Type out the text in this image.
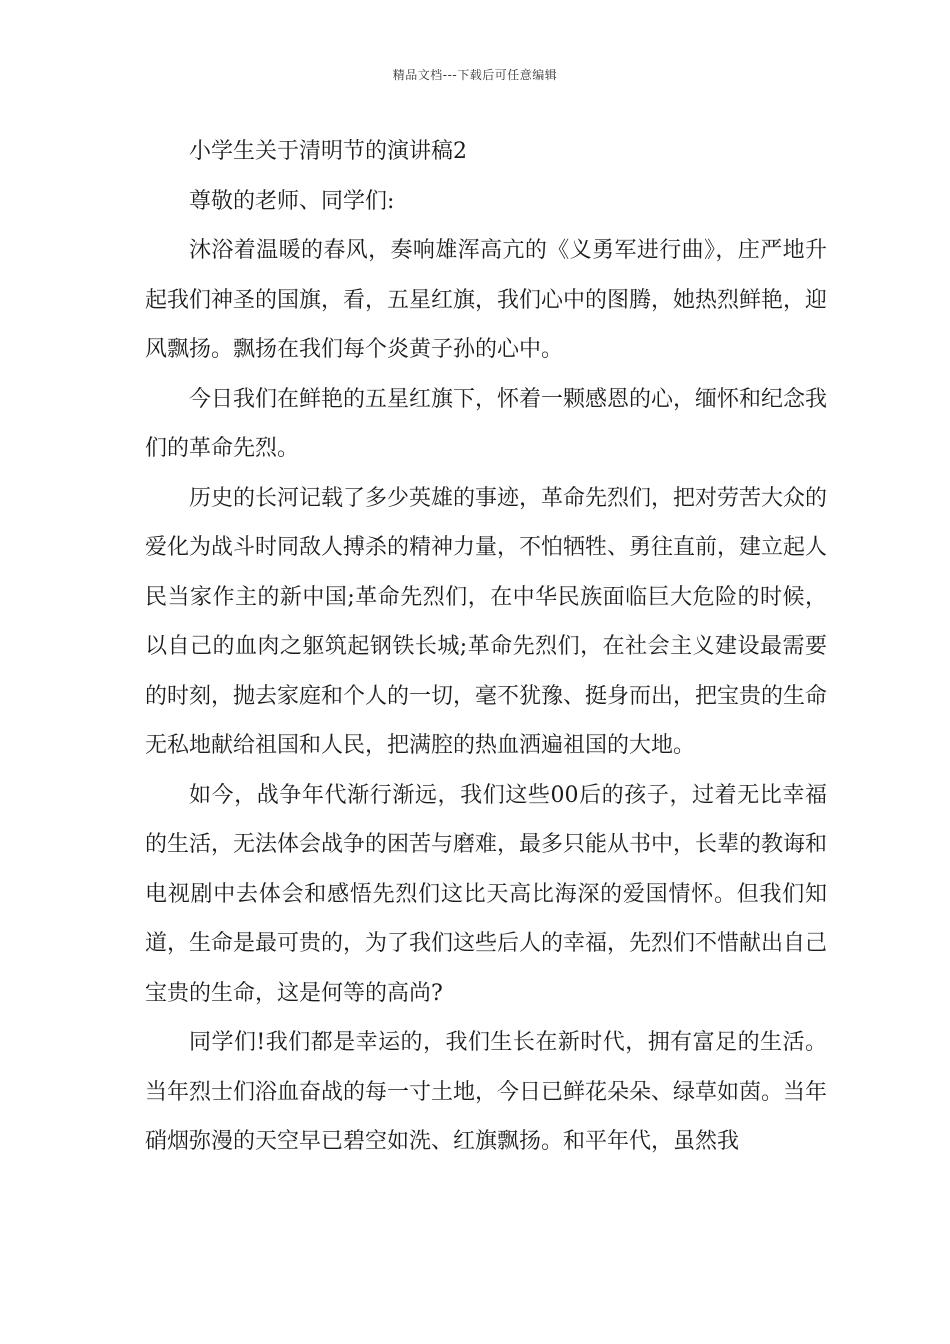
精品文档---下载后可任意编辑

小学生关于清明节的演讲稿2

尊敬的老师、同学们:

沐浴着温暖的春风，奏响雄浑高亢的《义勇军进行曲》，庄严地升起我们神圣的国旗，看，五星红旗，我们心中的图腾，她热烈鲜艳，迎风飘扬。飘扬在我们每个炎黄子孙的心中。

今日我们在鲜艳的五星红旗下，怀着一颗感恩的心，缅怀和纪念我们的革命先烈。

历史的长河记载了多少英雄的事迹，革命先烈们，把对劳苦大众的爱化为战斗时同敌人搏杀的精神力量，不怕牺牲、勇往直前，建立起人民当家作主的新中国;革命先烈们，在中华民族面临巨大危险的时候，以自己的血肉之躯筑起钢铁长城;革命先烈们，在社会主义建设最需要的时刻，抛去家庭和个人的一切，毫不犹豫、挺身而出，把宝贵的生命无私地献给祖国和人民，把满腔的热血洒遍祖国的大地。

如今，战争年代渐行渐远，我们这些00后的孩子，过着无比幸福的生活，无法体会战争的困苦与磨难，最多只能从书中，长辈的教诲和电视剧中去体会和感悟先烈们这比天高比海深的爱国情怀。但我们知道，生命是最可贵的，为了我们这些后人的幸福，先烈们不惜献出自己宝贵的生命，这是何等的高尚?

同学们!我们都是幸运的，我们生长在新时代，拥有富足的生活。当年烈士们浴血奋战的每一寸土地，今日已鲜花朵朵、绿草如茵。当年硝烟弥漫的天空早已碧空如洗、红旗飘扬。和平年代，虽然我
